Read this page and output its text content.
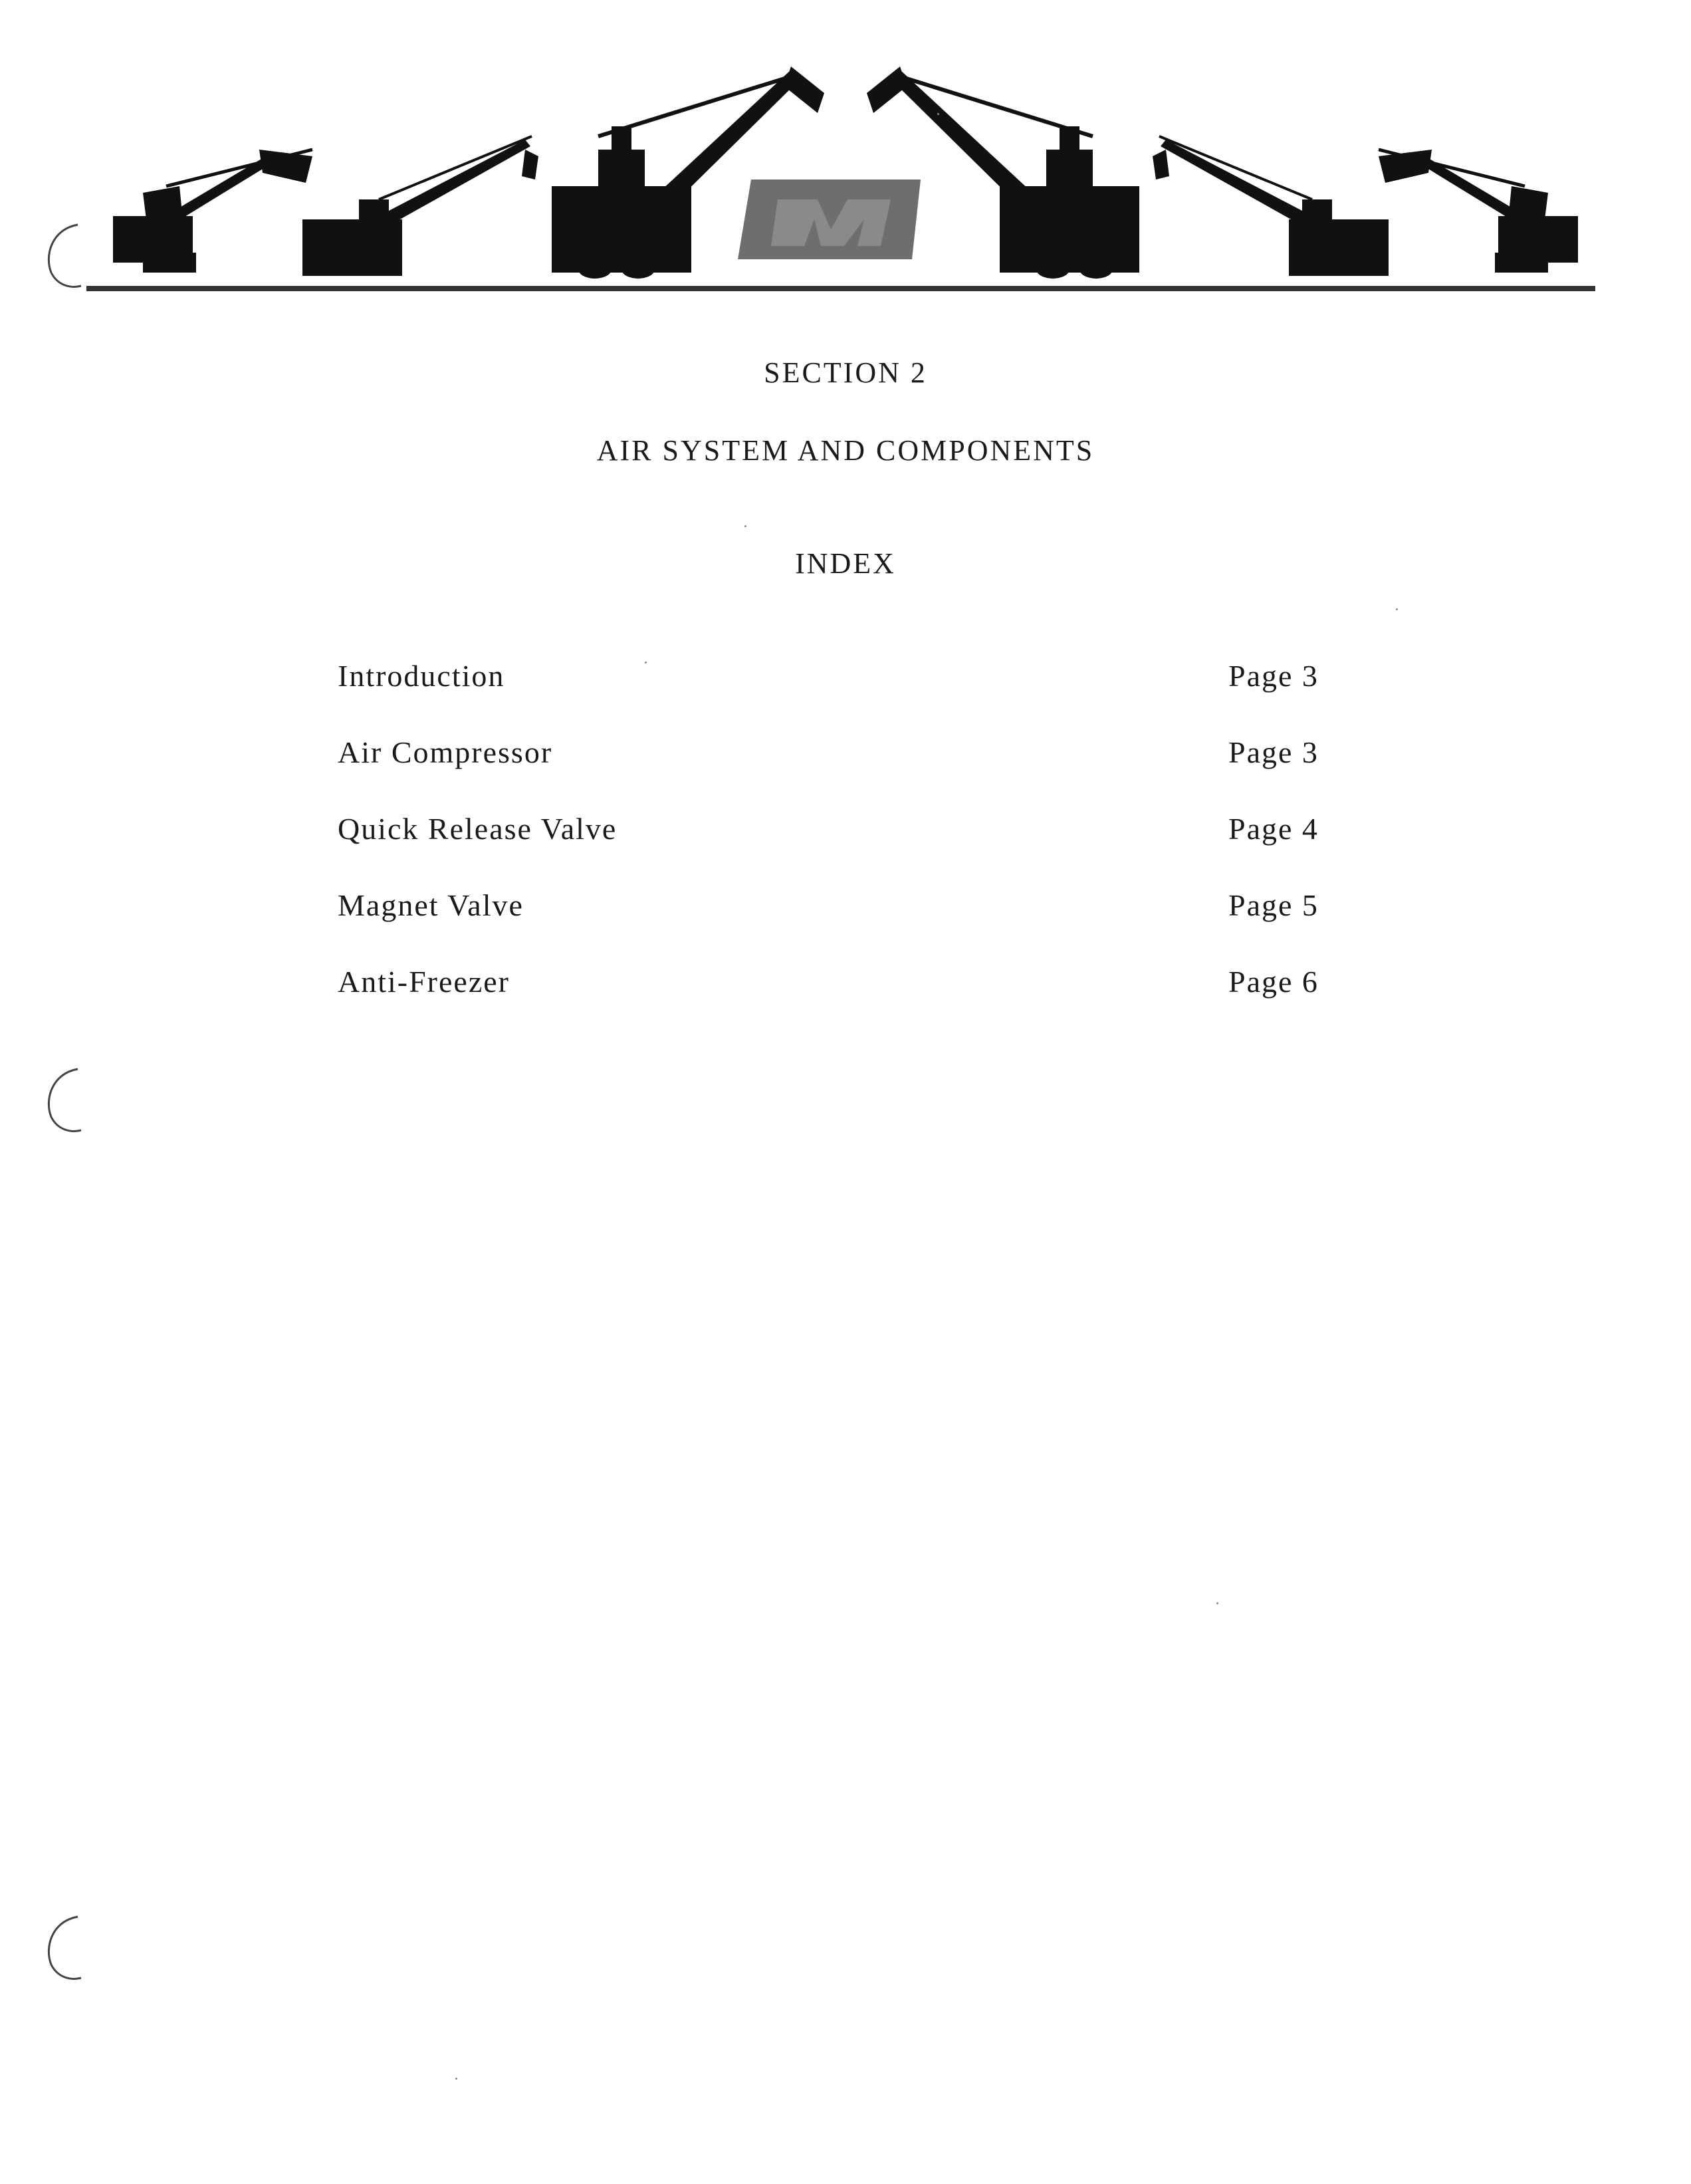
SECTION 2
AIR SYSTEM AND COMPONENTS
INDEX
Introduction	Page 3
Air Compressor	Page 3
Quick Release Valve	Page 4
Magnet Valve	Page 5
Anti-Freezer	Page 6
